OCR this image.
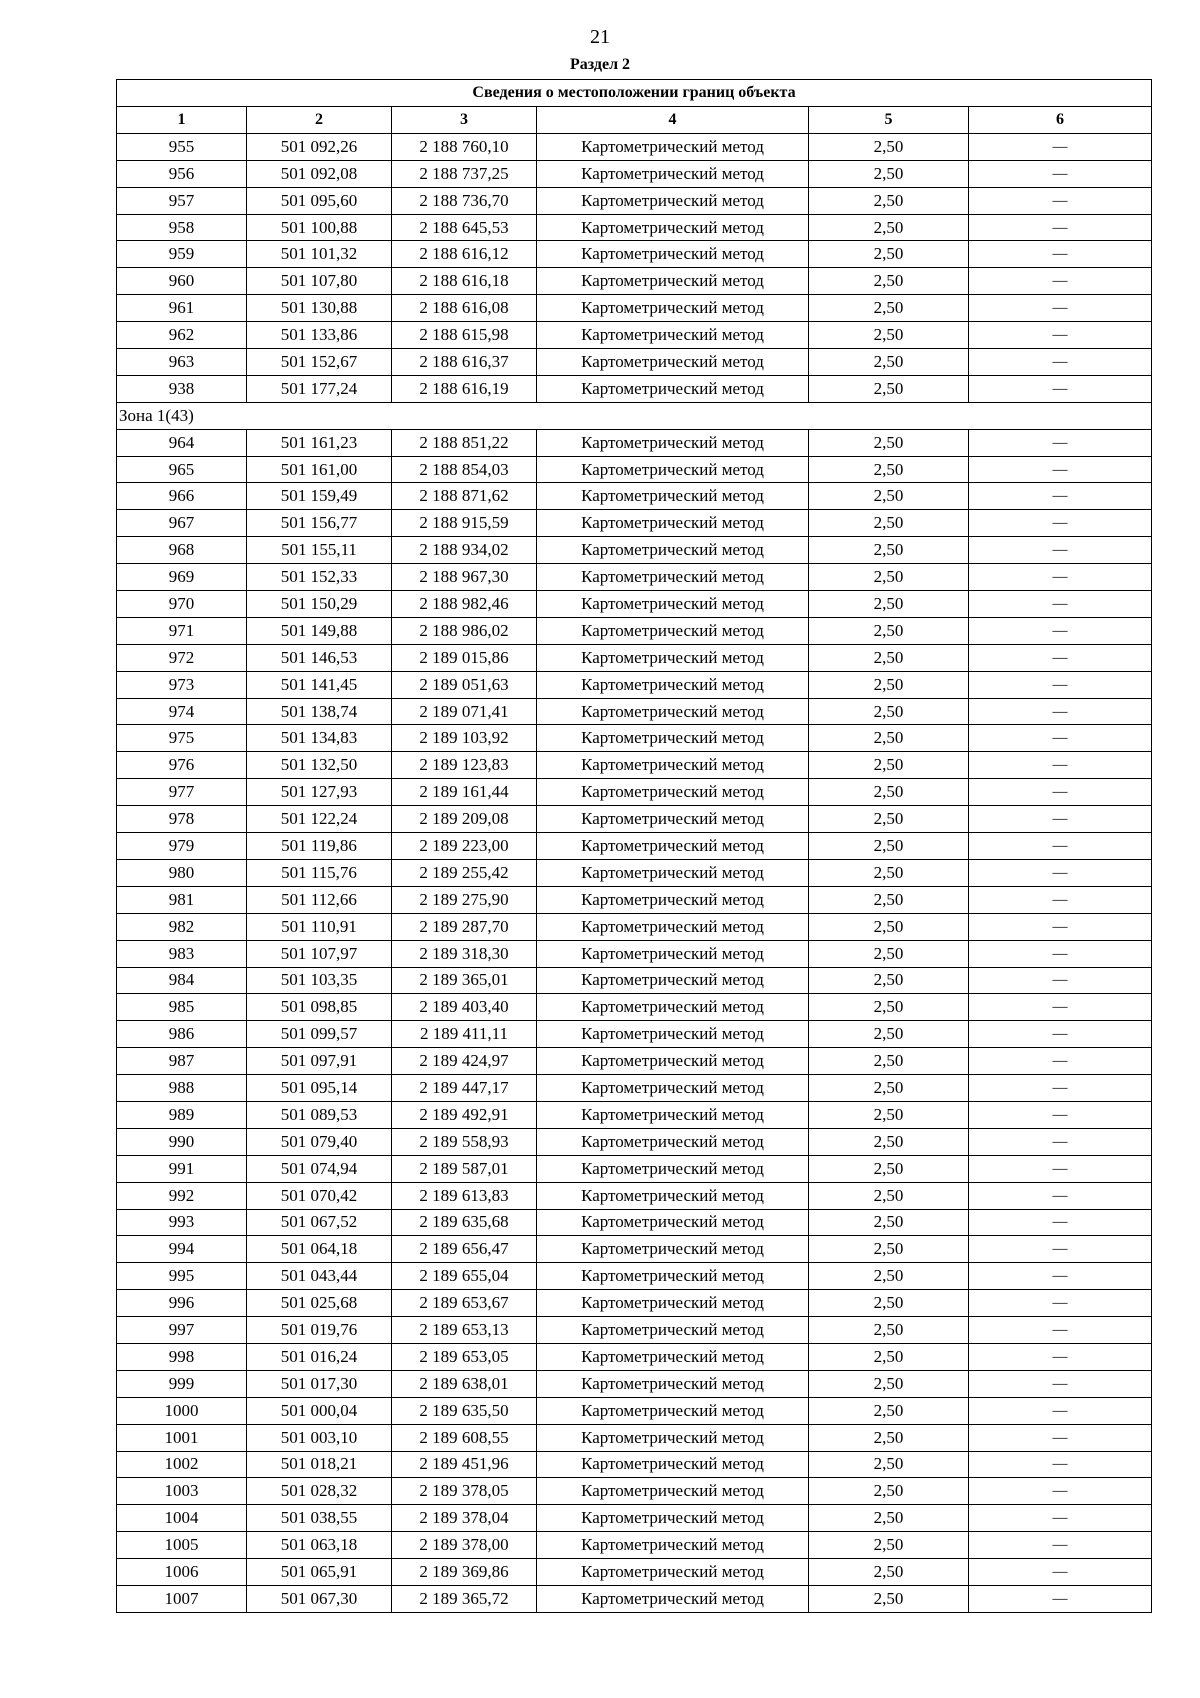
21
Раздел 2
Сведения о местоположении границ объекта					
1	2	3	4	5	6
955	501 092,26	2 188 760,10	Картометрический метод	2,50	—
956	501 092,08	2 188 737,25	Картометрический метод	2,50	—
957	501 095,60	2 188 736,70	Картометрический метод	2,50	—
958	501 100,88	2 188 645,53	Картометрический метод	2,50	—
959	501 101,32	2 188 616,12	Картометрический метод	2,50	—
960	501 107,80	2 188 616,18	Картометрический метод	2,50	—
961	501 130,88	2 188 616,08	Картометрический метод	2,50	—
962	501 133,86	2 188 615,98	Картометрический метод	2,50	—
963	501 152,67	2 188 616,37	Картометрический метод	2,50	—
938	501 177,24	2 188 616,19	Картометрический метод	2,50	—
Зона 1(43)					
964	501 161,23	2 188 851,22	Картометрический метод	2,50	—
965	501 161,00	2 188 854,03	Картометрический метод	2,50	—
966	501 159,49	2 188 871,62	Картометрический метод	2,50	—
967	501 156,77	2 188 915,59	Картометрический метод	2,50	—
968	501 155,11	2 188 934,02	Картометрический метод	2,50	—
969	501 152,33	2 188 967,30	Картометрический метод	2,50	—
970	501 150,29	2 188 982,46	Картометрический метод	2,50	—
971	501 149,88	2 188 986,02	Картометрический метод	2,50	—
972	501 146,53	2 189 015,86	Картометрический метод	2,50	—
973	501 141,45	2 189 051,63	Картометрический метод	2,50	—
974	501 138,74	2 189 071,41	Картометрический метод	2,50	—
975	501 134,83	2 189 103,92	Картометрический метод	2,50	—
976	501 132,50	2 189 123,83	Картометрический метод	2,50	—
977	501 127,93	2 189 161,44	Картометрический метод	2,50	—
978	501 122,24	2 189 209,08	Картометрический метод	2,50	—
979	501 119,86	2 189 223,00	Картометрический метод	2,50	—
980	501 115,76	2 189 255,42	Картометрический метод	2,50	—
981	501 112,66	2 189 275,90	Картометрический метод	2,50	—
982	501 110,91	2 189 287,70	Картометрический метод	2,50	—
983	501 107,97	2 189 318,30	Картометрический метод	2,50	—
984	501 103,35	2 189 365,01	Картометрический метод	2,50	—
985	501 098,85	2 189 403,40	Картометрический метод	2,50	—
986	501 099,57	2 189 411,11	Картометрический метод	2,50	—
987	501 097,91	2 189 424,97	Картометрический метод	2,50	—
988	501 095,14	2 189 447,17	Картометрический метод	2,50	—
989	501 089,53	2 189 492,91	Картометрический метод	2,50	—
990	501 079,40	2 189 558,93	Картометрический метод	2,50	—
991	501 074,94	2 189 587,01	Картометрический метод	2,50	—
992	501 070,42	2 189 613,83	Картометрический метод	2,50	—
993	501 067,52	2 189 635,68	Картометрический метод	2,50	—
994	501 064,18	2 189 656,47	Картометрический метод	2,50	—
995	501 043,44	2 189 655,04	Картометрический метод	2,50	—
996	501 025,68	2 189 653,67	Картометрический метод	2,50	—
997	501 019,76	2 189 653,13	Картометрический метод	2,50	—
998	501 016,24	2 189 653,05	Картометрический метод	2,50	—
999	501 017,30	2 189 638,01	Картометрический метод	2,50	—
1000	501 000,04	2 189 635,50	Картометрический метод	2,50	—
1001	501 003,10	2 189 608,55	Картометрический метод	2,50	—
1002	501 018,21	2 189 451,96	Картометрический метод	2,50	—
1003	501 028,32	2 189 378,05	Картометрический метод	2,50	—
1004	501 038,55	2 189 378,04	Картометрический метод	2,50	—
1005	501 063,18	2 189 378,00	Картометрический метод	2,50	—
1006	501 065,91	2 189 369,86	Картометрический метод	2,50	—
1007	501 067,30	2 189 365,72	Картометрический метод	2,50	—
